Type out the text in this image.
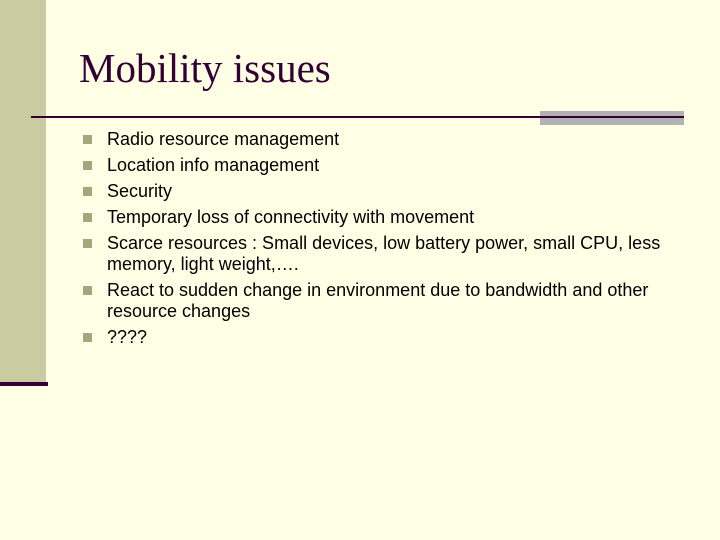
Mobility issues
Radio resource management
Location info management
Security
Temporary loss of connectivity with movement
Scarce resources : Small devices, low battery power, small CPU, less memory, light weight,….
React to sudden change in environment due to bandwidth and other resource changes
????
